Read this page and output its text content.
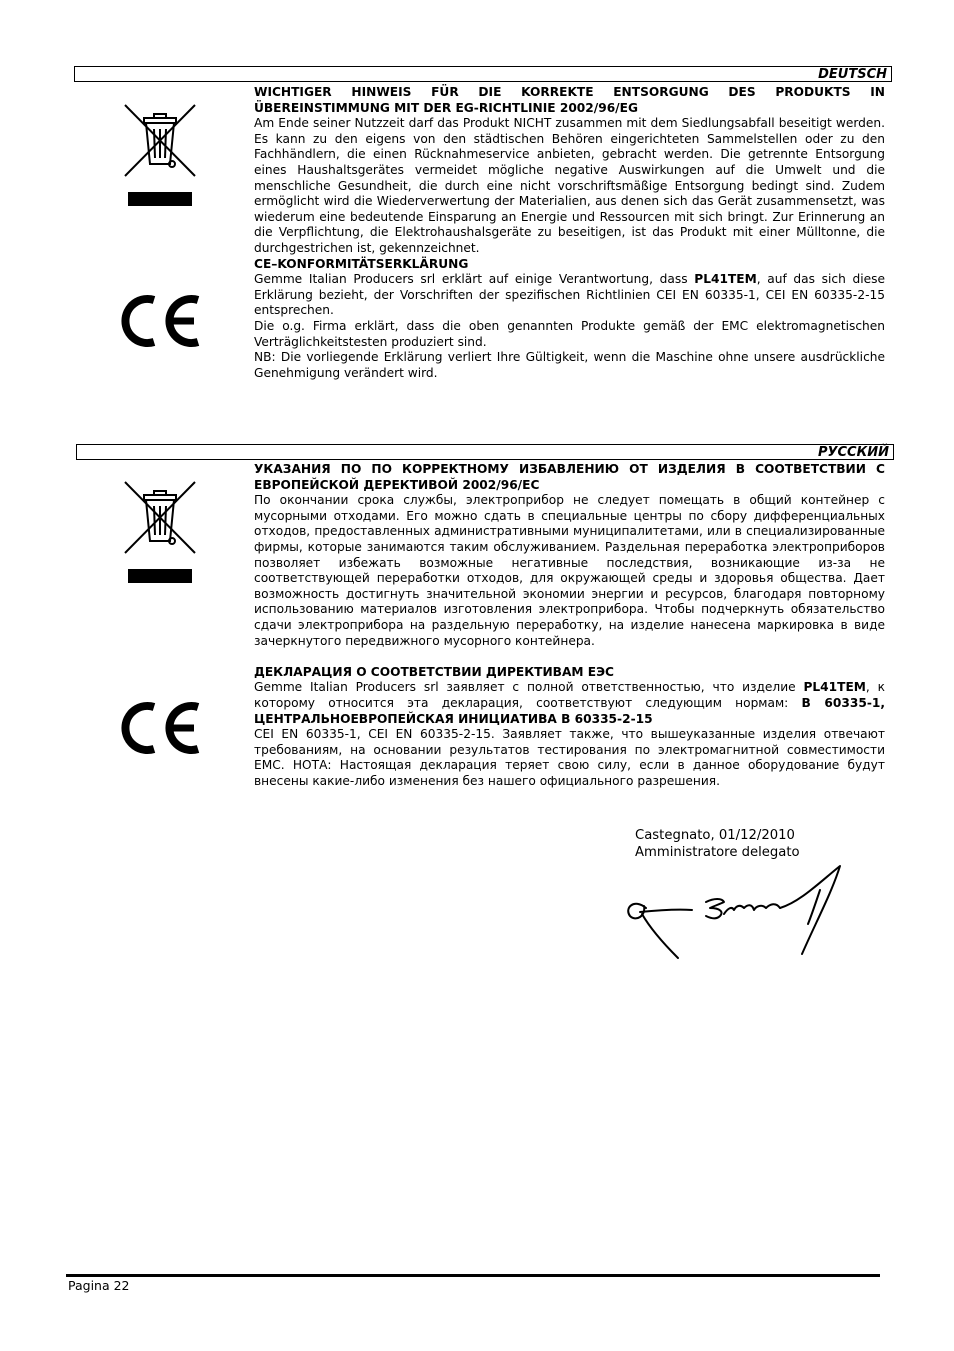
DEUTSCH

WICHTIGER HINWEIS FÜR DIE KORREKTE ENTSORGUNG DES PRODUKTS IN ÜBEREINSTIMMUNG MIT DER EG-RICHTLINIE 2002/96/EG

Am Ende seiner Nutzzeit darf das Produkt NICHT zusammen mit dem Siedlungsabfall beseitigt werden. Es kann zu den eigens von den städtischen Behören eingerichteten Sammelstellen oder zu den Fachhändlern, die einen Rücknahmeservice anbieten, gebracht werden. Die getrennte Entsorgung eines Haushaltsgerätes vermeidet mögliche negative Auswirkungen auf die Umwelt und die menschliche Gesundheit, die durch eine nicht vorschriftsmäßige Entsorgung bedingt sind. Zudem ermöglicht wird die Wiederverwertung der Materialien, aus denen sich das Gerät zusammensetzt, was wiederum eine bedeutende Einsparung an Energie und Ressourcen mit sich bringt. Zur Erinnerung an die Verpflichtung, die Elektrohaushalsgeräte zu beseitigen, ist das Produkt mit einer Mülltonne, die durchgestrichen ist, gekennzeichnet.

CE–KONFORMITÄTSERKLÄRUNG

Gemme Italian Producers srl erklärt auf einige Verantwortung, dass PL41TEM, auf das sich diese Erklärung bezieht, der Vorschriften der spezifischen Richtlinien CEI EN 60335-1, CEI EN 60335-2-15 entsprechen.

Die o.g. Firma erklärt, dass die oben genannten Produkte gemäß der EMC elektromagnetischen Verträglichkeitstesten produziert sind.

NB: Die vorliegende Erklärung verliert Ihre Gültigkeit, wenn die Maschine ohne unsere ausdrückliche Genehmigung verändert wird.

РУССКИЙ

УКАЗАНИЯ ПО ПО КОРРЕКТНОМУ ИЗБАВЛЕНИЮ ОТ ИЗДЕЛИЯ В СООТВЕТСТВИИ С ЕВРОПЕЙСКОЙ ДЕРЕКТИВОЙ 2002/96/ЕС

По окончании срока службы, электроприбор не следует помещать в общий контейнер с мусорными отходами. Его можно сдать в специальные центры по сбору дифференциальных отходов, предоставленных административными муниципалитетами, или в специализированные фирмы, которые занимаются таким обслуживанием. Раздельная переработка электроприборов позволяет избежать возможные негативные последствия, возникающие из-за не соответствующей переработки отходов, для окружающей среды и здоровья общества. Дает возможность достигнуть значительной экономии энергии и ресурсов, благодаря повторному использованию материалов изготовления электроприбора. Чтобы подчеркнуть обязательство сдачи электроприбора на раздельную переработку, на изделие нанесена маркировка в виде зачеркнутого передвижного мусорного контейнера.

ДЕКЛАРАЦИЯ О СООТВЕТСТВИИ ДИРЕКТИВАМ ЕЭС

Gemme Italian Producers srl заявляет с полной ответственностью, что изделие PL41TEM, к которому относится эта декларация, соответствуют следующим нормам: В 60335-1, ЦЕНТРАЛЬНОЕВРОПЕЙСКАЯ ИНИЦИАТИВА В 60335-2-15

CEI EN 60335-1, CEI EN 60335-2-15. Заявляет также, что вышеуказанные изделия отвечают требованиям, на основании результатов тестирования по электромагнитной совместимости EMC. НОТА: Настоящая декларация теряет свою силу, если в данное оборудование будут внесены какие-либо изменения без нашего официального разрешения.

Castegnato, 01/12/2010
Amministratore delegato
Pagina 22
